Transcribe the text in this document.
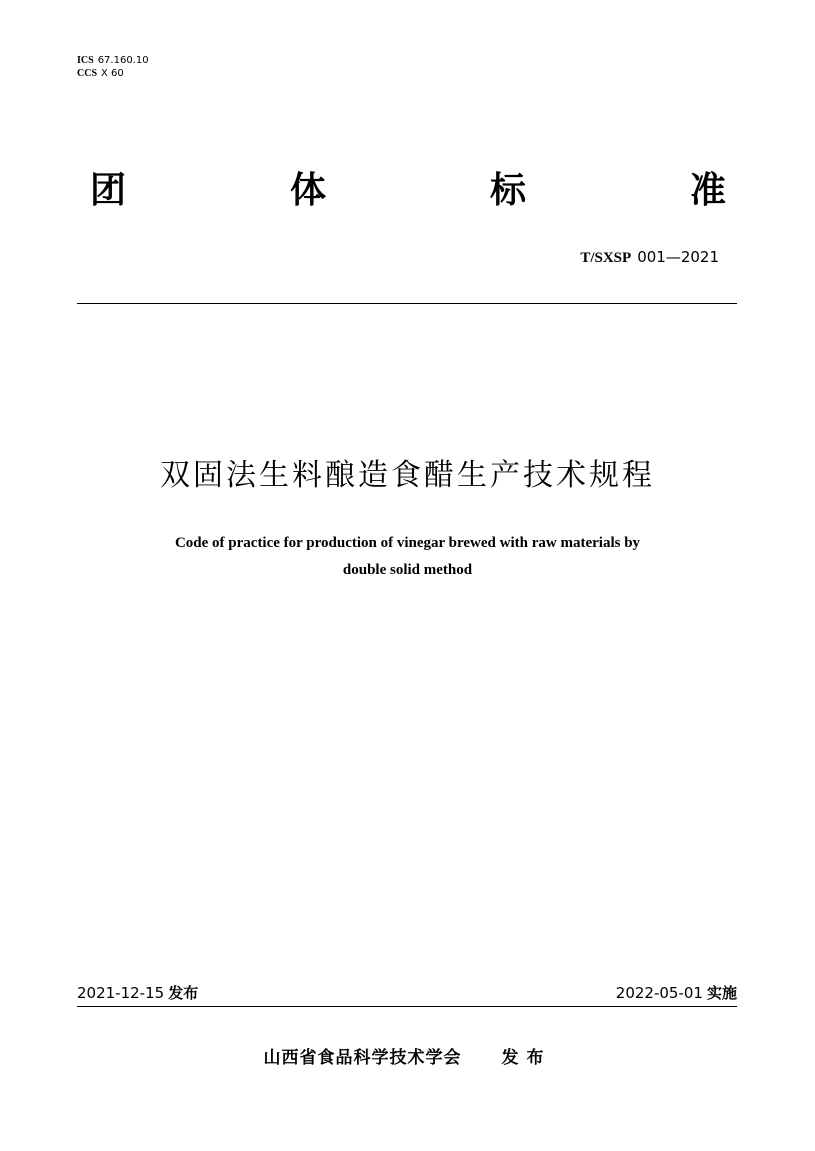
ICS 67.160.10
CCS X 60
团	体	标	准
T/SXSP 001—2021
双固法生料酿造食醋生产技术规程
Code of practice for production of vinegar brewed with raw materials by
double solid method
2021-12-15 发布	2022-05-01 实施
山西省食品科学技术学会 发布
